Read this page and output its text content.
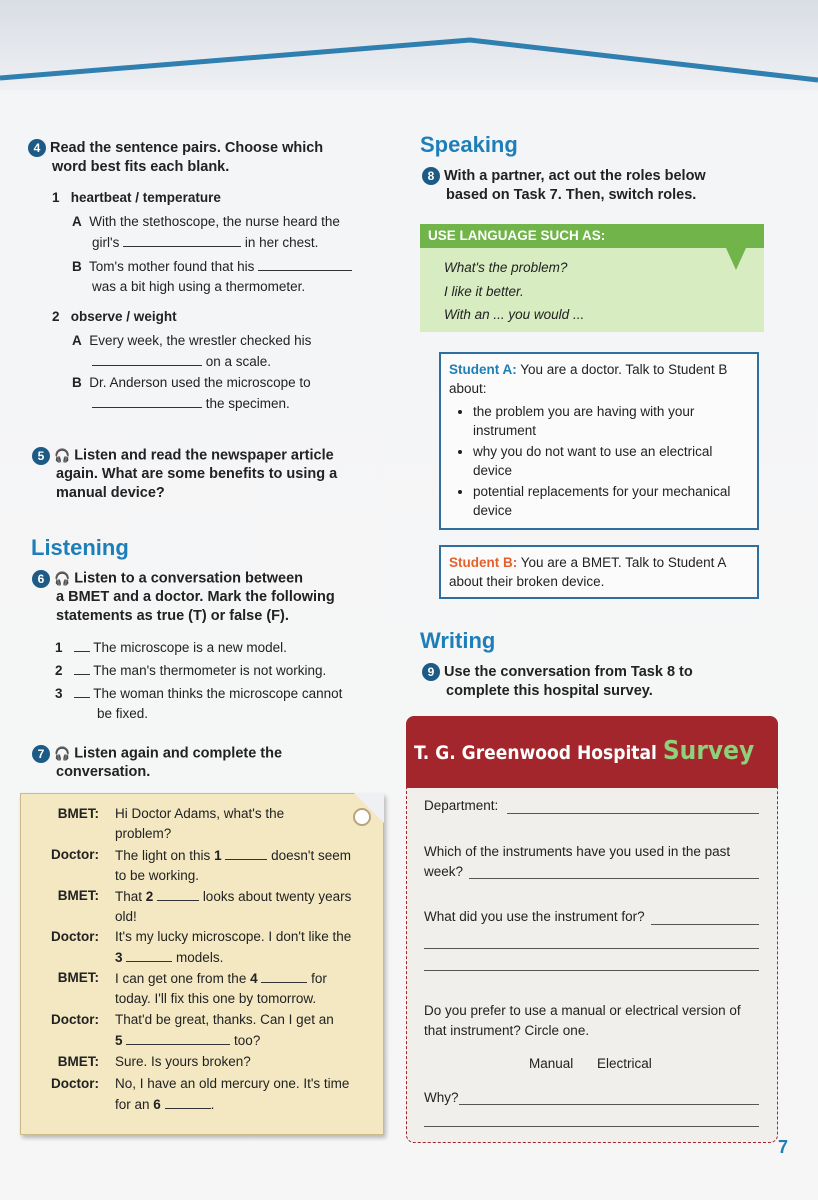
4 Read the sentence pairs. Choose which
word best fits each blank.
1 heartbeat / temperature
A With the stethoscope, the nurse heard the
girl's	in her chest.
B Tom's mother found that his
was a bit high using a thermometer.
2 observe / weight
A Every week, the wrestler checked his
on a scale.
B Dr. Anderson used the microscope to
the specimen.
5 🎧 Listen and read the newspaper article
again. What are some benefits to using a
manual device?
Listening
6 🎧 Listen to a conversation between
a BMET and a doctor. Mark the following
statements as true (T) or false (F).
1 The microscope is a new model.
2 The man's thermometer is not working.
3 The woman thinks the microscope cannot
be fixed.
7 🎧 Listen again and complete the
conversation.
BMET: Hi Doctor Adams, what's the
problem?
Doctor: The light on this 1	doesn't seem
to be working.
BMET: That 2	looks about twenty years
old!
Doctor: It's my lucky microscope. I don't like the
3	models.
BMET: I can get one from the 4	for
today. I'll fix this one by tomorrow.
Doctor: That'd be great, thanks. Can I get an
5	too?
BMET: Sure. Is yours broken?
Doctor: No, I have an old mercury one. It's time
for an 6	.
Speaking
8 With a partner, act out the roles below
based on Task 7. Then, switch roles.
USE LANGUAGE SUCH AS:
What's the problem?
I like it better.
With an ... you would ...
Student A: You are a doctor. Talk to Student B
about:
• the problem you are having with your
instrument
• why you do not want to use an electrical
device
• potential replacements for your mechanical
device
Student B: You are a BMET. Talk to Student A
about their broken device.
Writing
9 Use the conversation from Task 8 to
complete this hospital survey.
T. G. Greenwood Hospital Survey
Department:
Which of the instruments have you used in the past
week?
What did you use the instrument for?
Do you prefer to use a manual or electrical version of
that instrument? Circle one.
Manual Electrical
Why?
7
